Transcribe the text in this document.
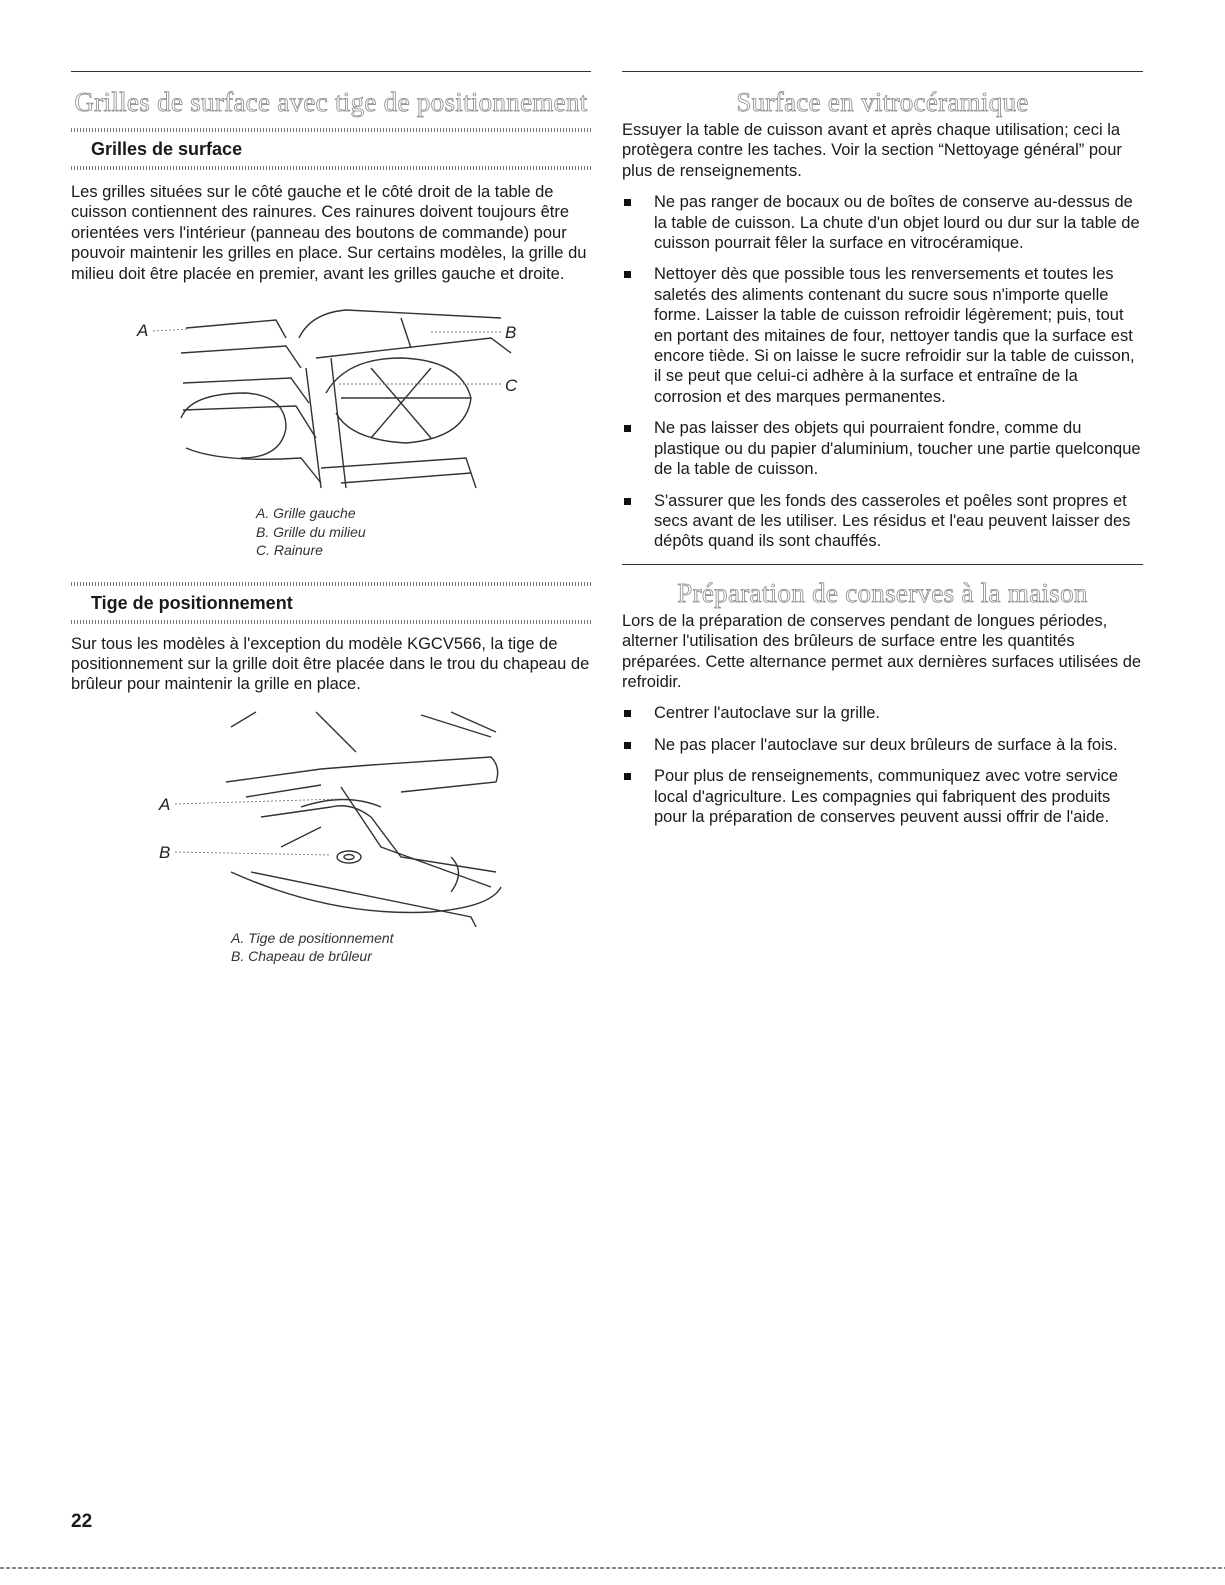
Grilles de surface avec tige de positionnement
Grilles de surface

Les grilles situées sur le côté gauche et le côté droit de la table de cuisson contiennent des rainures. Ces rainures doivent toujours être orientées vers l'intérieur (panneau des boutons de commande) pour pouvoir maintenir les grilles en place. Sur certains modèles, la grille du milieu doit être placée en premier, avant les grilles gauche et droite.

A	B
C
A. Grille gauche
B. Grille du milieu
C. Rainure
Tige de positionnement

Sur tous les modèles à l'exception du modèle KGCV566, la tige de positionnement sur la grille doit être placée dans le trou du chapeau de brûleur pour maintenir la grille en place.

A
B
A. Tige de positionnement
B. Chapeau de brûleur
Surface en vitrocéramique

Essuyer la table de cuisson avant et après chaque utilisation; ceci la protègera contre les taches. Voir la section “Nettoyage général” pour plus de renseignements.

Ne pas ranger de bocaux ou de boîtes de conserve au-dessus de la table de cuisson. La chute d'un objet lourd ou dur sur la table de cuisson pourrait fêler la surface en vitrocéramique.
Nettoyer dès que possible tous les renversements et toutes les saletés des aliments contenant du sucre sous n'importe quelle forme. Laisser la table de cuisson refroidir légèrement; puis, tout en portant des mitaines de four, nettoyer tandis que la surface est encore tiède. Si on laisse le sucre refroidir sur la table de cuisson, il se peut que celui-ci adhère à la surface et entraîne de la corrosion et des marques permanentes.
Ne pas laisser des objets qui pourraient fondre, comme du plastique ou du papier d'aluminium, toucher une partie quelconque de la table de cuisson.
S'assurer que les fonds des casseroles et poêles sont propres et secs avant de les utiliser. Les résidus et l'eau peuvent laisser des dépôts quand ils sont chauffés.
Préparation de conserves à la maison

Lors de la préparation de conserves pendant de longues périodes, alterner l'utilisation des brûleurs de surface entre les quantités préparées. Cette alternance permet aux dernières surfaces utilisées de refroidir.

Centrer l'autoclave sur la grille.
Ne pas placer l'autoclave sur deux brûleurs de surface à la fois.
Pour plus de renseignements, communiquez avec votre service local d'agriculture. Les compagnies qui fabriquent des produits pour la préparation de conserves peuvent aussi offrir de l'aide.
22
